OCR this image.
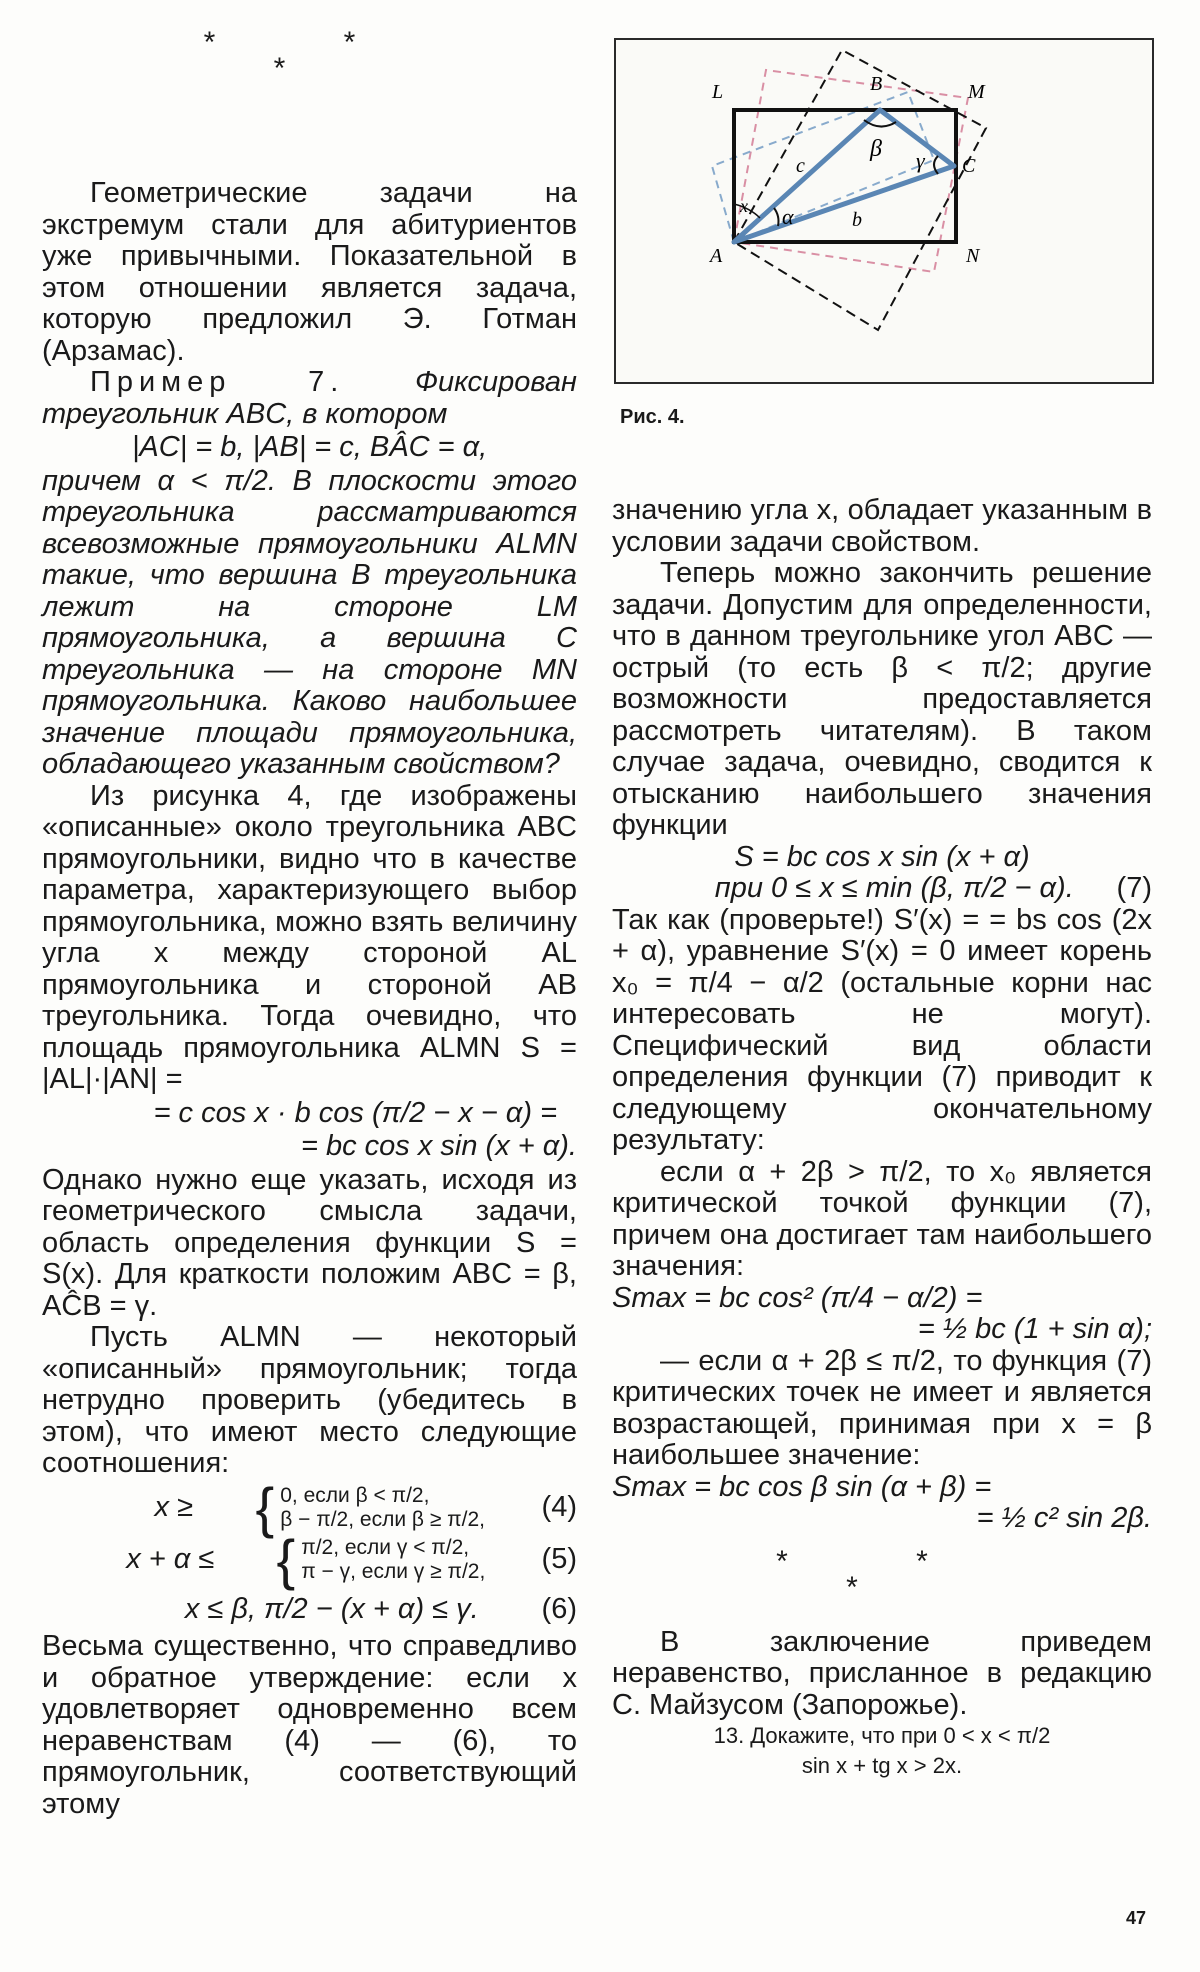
* *
*

Геометрические задачи на экстремум стали для абитуриентов уже привычными. Показательной в этом отношении является задача, которую предложил Э. Готман (Арзамас).

Пример 7. Фиксирован треугольник ABC, в котором

|AC| = b, |AB| = c, BÂC = α,

причем α < π/2. В плоскости этого треугольника рассматриваются всевозможные прямоугольники ALMN такие, что вершина B треугольника лежит на стороне LM прямоугольника, а вершина C треугольника — на стороне MN прямоугольника. Каково наибольшее значение площади прямоугольника, обладающего указанным свойством?

Из рисунка 4, где изображены «описанные» около треугольника ABC прямоугольники, видно что в качестве параметра, характеризующего выбор прямоугольника, можно взять величину угла x между стороной AL прямоугольника и стороной AB треугольника. Тогда очевидно, что площадь прямоугольника ALMN S = |AL|·|AN| =

= c cos x · b cos (π/2 − x − α) =
= bc cos x sin (x + α).

Однако нужно еще указать, исходя из геометрического смысла задачи, область определения функции S = S(x). Для краткости положим ABC = β, AĈB = γ.

Пусть ALMN — некоторый «описанный» прямоугольник; тогда нетрудно проверить (убедитесь в этом), что имеют место следующие соотношения:

x ≥ { 0, если β < π/2,
β − π/2, если β ≥ π/2, (4)
x + α ≤ { π/2, если γ < π/2,
π − γ, если γ ≥ π/2, (5)
x ≤ β, π/2 − (x + α) ≤ γ. (6)

Весьма существенно, что справедливо и обратное утверждение: если x удовлетворяет одновременно всем неравенствам (4) — (6), то прямоугольник, соответствующий этому

L	B	M
C
A	N
c
b
x α
β γ
Рис. 4.

значению угла x, обладает указанным в условии задачи свойством.

Теперь можно закончить решение задачи. Допустим для определенности, что в данном треугольнике угол ABC — острый (то есть β < π/2; другие возможности предоставляется рассмотреть читателям). В таком случае задача, очевидно, сводится к отысканию наибольшего значения функции

S = bc cos x sin (x + α)
при 0 ≤ x ≤ min (β, π/2 − α). (7)

Так как (проверьте!) S′(x) = = bs cos (2x + α), уравнение S′(x) = 0 имеет корень x₀ = π/4 − α/2 (остальные корни нас интересовать не могут). Специфический вид области определения функции (7) приводит к следующему окончательному результату:

если α + 2β > π/2, то x₀ является критической точкой функции (7), причем она достигает там наибольшего значения:

Smax = bc cos² (π/4 − α/2) =
= ½ bc (1 + sin α);

— если α + 2β ≤ π/2, то функция (7) критических точек не имеет и является возрастающей, принимая при x = β наибольшее значение:

Smax = bc cos β sin (α + β) =
= ½ c² sin 2β.
* *
*

В заключение приведем неравенство, присланное в редакцию С. Майзусом (Запорожье).

13. Докажите, что при 0 < x < π/2
sin x + tg x > 2x.
47
